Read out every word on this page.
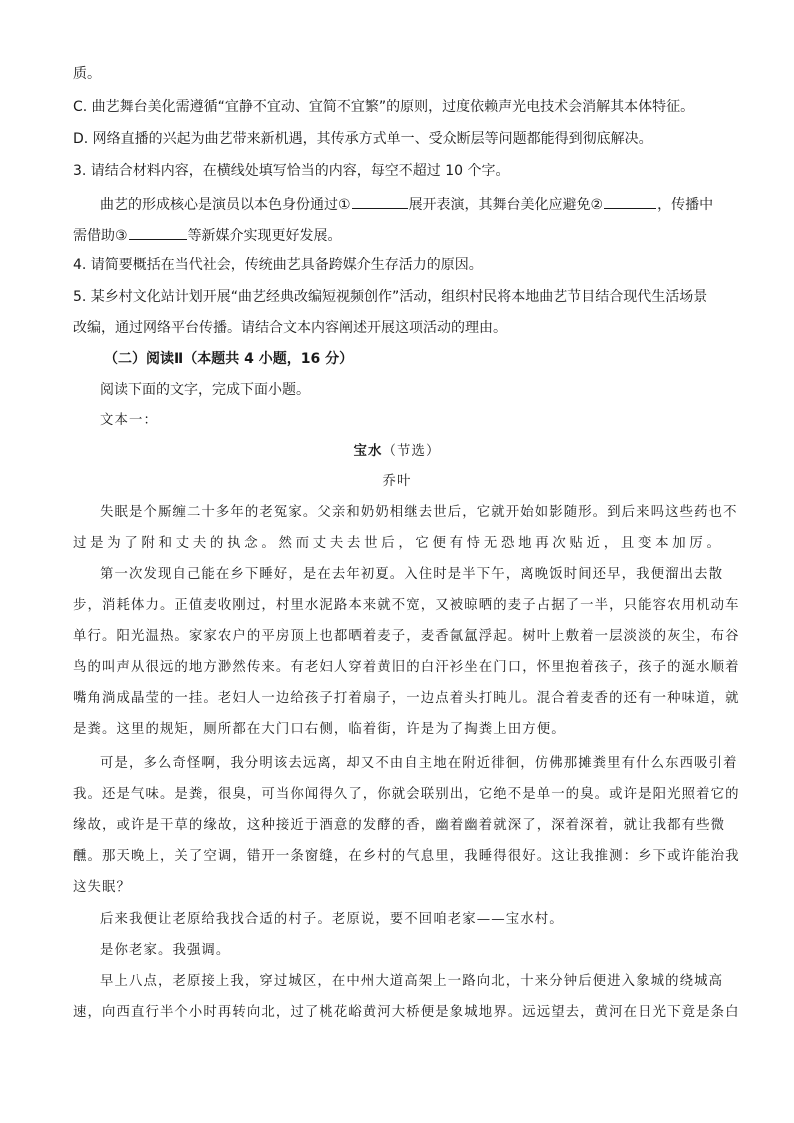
质。
C. 曲艺舞台美化需遵循“宜静不宜动、宜简不宜繁”的原则，过度依赖声光电技术会消解其本体特征。
D. 网络直播的兴起为曲艺带来新机遇，其传承方式单一、受众断层等问题都能得到彻底解决。
3. 请结合材料内容，在横线处填写恰当的内容，每空不超过 10 个字。
曲艺的形成核心是演员以本色身份通过①	展开表演，其舞台美化应避免②	，传播中
需借助③	等新媒介实现更好发展。
4. 请简要概括在当代社会，传统曲艺具备跨媒介生存活力的原因。
5. 某乡村文化站计划开展“曲艺经典改编短视频创作”活动，组织村民将本地曲艺节目结合现代生活场景
改编，通过网络平台传播。请结合文本内容阐述开展这项活动的理由。
（二）阅读Ⅱ（本题共 4 小题，16 分）
阅读下面的文字，完成下面小题。
文本一：
宝水（节选）
乔叶
失眠是个厮缠二十多年的老冤家。父亲和奶奶相继去世后，它就开始如影随形。到后来吗这些药也不
过是为了附和丈夫的执念。然而丈夫去世后，它便有恃无恐地再次贴近，且变本加厉。
第一次发现自己能在乡下睡好，是在去年初夏。入住时是半下午，离晚饭时间还早，我便溜出去散
步，消耗体力。正值麦收刚过，村里水泥路本来就不宽，又被晾晒的麦子占据了一半，只能容农用机动车
单行。阳光温热。家家农户的平房顶上也都晒着麦子，麦香氤氲浮起。树叶上敷着一层淡淡的灰尘，布谷
鸟的叫声从很远的地方渺然传来。有老妇人穿着黄旧的白汗衫坐在门口，怀里抱着孩子，孩子的涎水顺着
嘴角淌成晶莹的一挂。老妇人一边给孩子打着扇子，一边点着头打盹儿。混合着麦香的还有一种味道，就
是粪。这里的规矩，厕所都在大门口右侧，临着街，许是为了掏粪上田方便。
可是，多么奇怪啊，我分明该去远离，却又不由自主地在附近徘徊，仿佛那摊粪里有什么东西吸引着
我。还是气味。是粪，很臭，可当你闻得久了，你就会联别出，它绝不是单一的臭。或许是阳光照着它的
缘故，或许是干草的缘故，这种接近于酒意的发酵的香，幽着幽着就深了，深着深着，就让我都有些微
醺。那天晚上，关了空调，错开一条窗缝，在乡村的气息里，我睡得很好。这让我推测：乡下或许能治我
这失眠？
后来我便让老原给我找合适的村子。老原说，要不回咱老家——宝水村。
是你老家。我强调。
早上八点，老原接上我，穿过城区，在中州大道高架上一路向北，十来分钟后便进入象城的绕城高
速，向西直行半个小时再转向北，过了桃花峪黄河大桥便是象城地界。远远望去，黄河在日光下竟是条白
